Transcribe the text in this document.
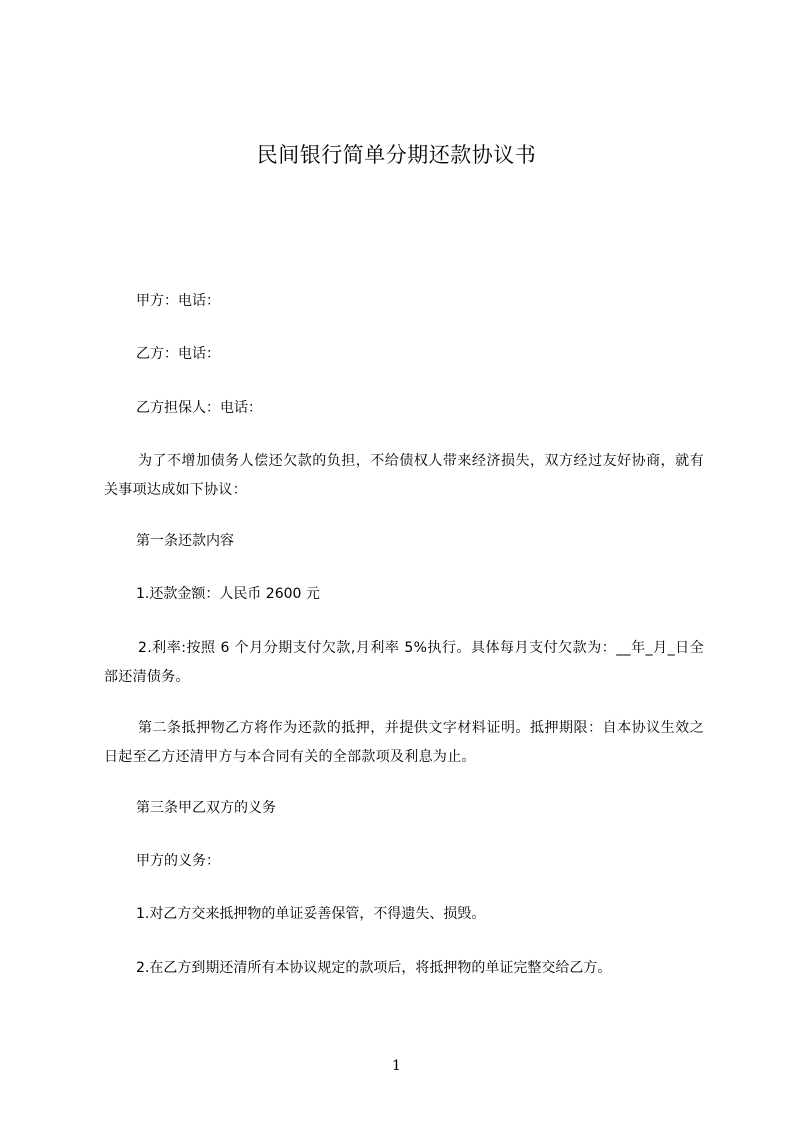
民间银行简单分期还款协议书
甲方：电话：
乙方：电话：
乙方担保人：电话：
为了不增加债务人偿还欠款的负担，不给债权人带来经济损失，双方经过友好协商，就有关事项达成如下协议：
第一条还款内容
1.还款金额：人民币 2600 元
2.利率:按照 6 个月分期支付欠款,月利率 5%执行。具体每月支付欠款为：__年_月_日全部还清债务。
第二条抵押物乙方将作为还款的抵押，并提供文字材料证明。抵押期限：自本协议生效之日起至乙方还清甲方与本合同有关的全部款项及利息为止。
第三条甲乙双方的义务
甲方的义务：
1.对乙方交来抵押物的单证妥善保管，不得遗失、损毁。
2.在乙方到期还清所有本协议规定的款项后，将抵押物的单证完整交给乙方。
1
